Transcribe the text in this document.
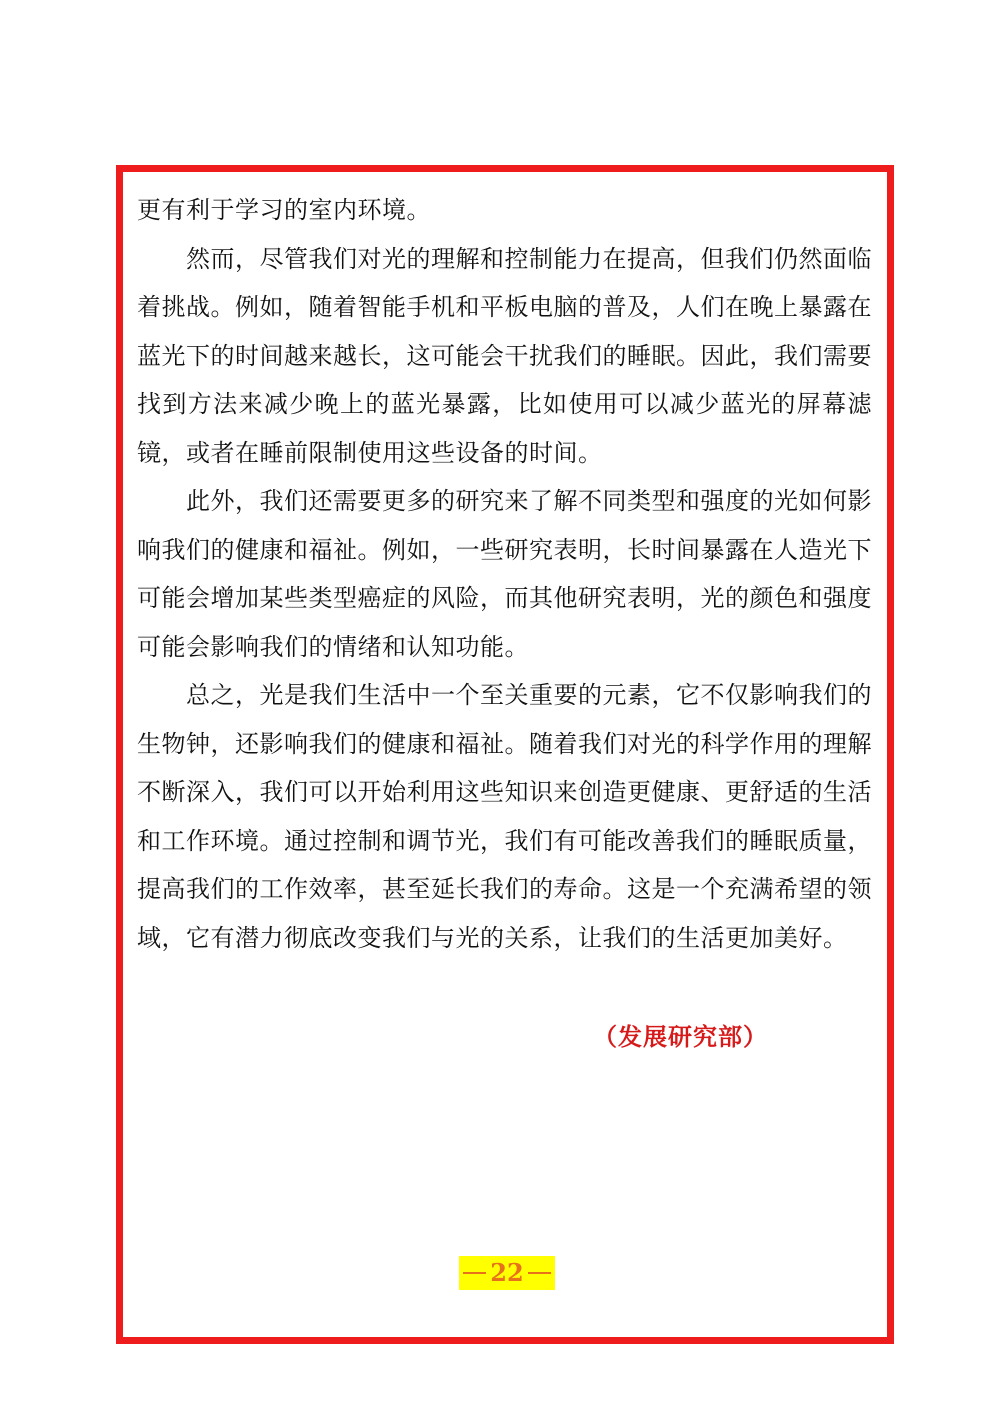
更有利于学习的室内环境。

然而，尽管我们对光的理解和控制能力在提高，但我们仍然面临着挑战。例如，随着智能手机和平板电脑的普及，人们在晚上暴露在蓝光下的时间越来越长，这可能会干扰我们的睡眠。因此，我们需要找到方法来减少晚上的蓝光暴露，比如使用可以减少蓝光的屏幕滤镜，或者在睡前限制使用这些设备的时间。

此外，我们还需要更多的研究来了解不同类型和强度的光如何影响我们的健康和福祉。例如，一些研究表明，长时间暴露在人造光下可能会增加某些类型癌症的风险，而其他研究表明，光的颜色和强度可能会影响我们的情绪和认知功能。

总之，光是我们生活中一个至关重要的元素，它不仅影响我们的生物钟，还影响我们的健康和福祉。随着我们对光的科学作用的理解不断深入，我们可以开始利用这些知识来创造更健康、更舒适的生活和工作环境。通过控制和调节光，我们有可能改善我们的睡眠质量，提高我们的工作效率，甚至延长我们的寿命。这是一个充满希望的领域，它有潜力彻底改变我们与光的关系，让我们的生活更加美好。

（发展研究部）
22
